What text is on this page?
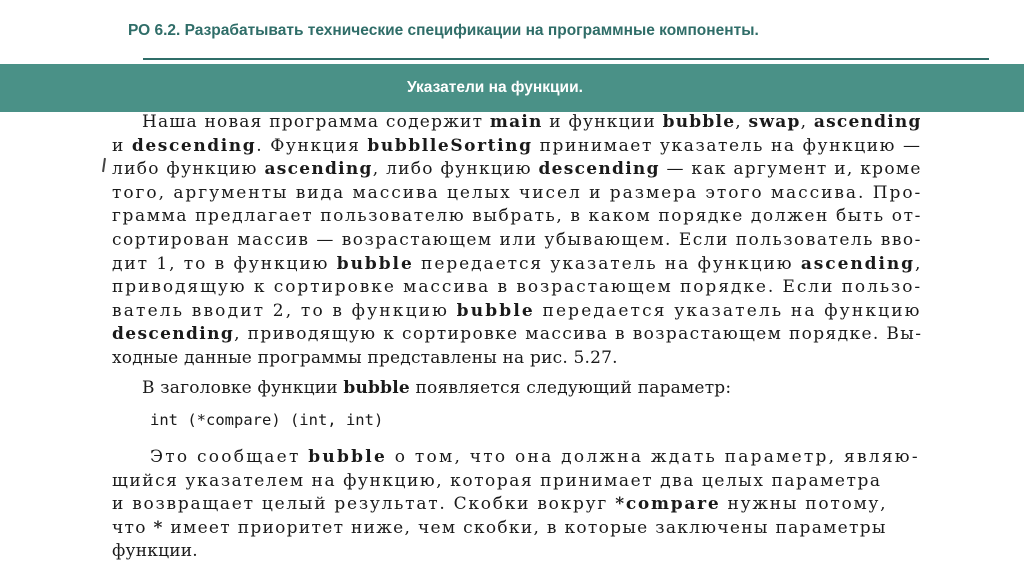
РО 6.2. Разрабатывать технические спецификации на программные компоненты.
Указатели на функции.
Наша новая программа содержит main и функции bubble, swap, ascending
и descending. Функция bubblleSorting принимает указатель на функцию —
либо функцию ascending, либо функцию descending — как аргумент и, кроме
того, аргументы вида массива целых чисел и размера этого массива. Про-
грамма предлагает пользователю выбрать, в каком порядке должен быть от-
сортирован массив — возрастающем или убывающем. Если пользователь вво-
дит 1, то в функцию bubble передается указатель на функцию ascending,
приводящую к сортировке массива в возрастающем порядке. Если пользо-
ватель вводит 2, то в функцию bubble передается указатель на функцию
descending, приводящую к сортировке массива в возрастающем порядке. Вы-
ходные данные программы представлены на рис. 5.27.
В заголовке функции bubble появляется следующий параметр:
int (*compare) (int, int)
Это сообщает bubble о том, что она должна ждать параметр, являю-
щийся указателем на функцию, которая принимает два целых параметра
и возвращает целый результат. Скобки вокруг *compare нужны потому,
что * имеет приоритет ниже, чем скобки, в которые заключены параметры
функции.
